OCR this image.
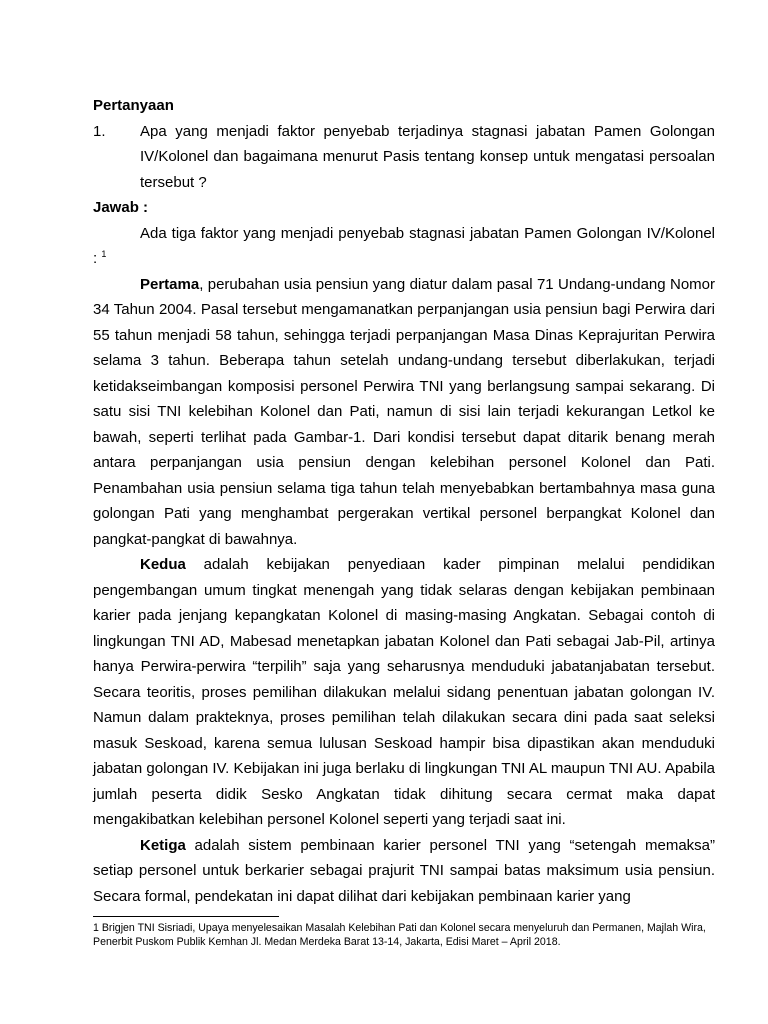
Pertanyaan

1.	Apa yang menjadi faktor penyebab terjadinya stagnasi jabatan Pamen Golongan IV/Kolonel dan bagaimana menurut Pasis tentang konsep untuk mengatasi persoalan tersebut ?

Jawab :

Ada tiga faktor yang menjadi penyebab stagnasi jabatan Pamen Golongan IV/Kolonel : $^1$

Pertama, perubahan usia pensiun yang diatur dalam pasal 71 Undang-undang Nomor 34 Tahun 2004. Pasal tersebut mengamanatkan perpanjangan usia pensiun bagi Perwira dari 55 tahun menjadi 58 tahun, sehingga terjadi perpanjangan Masa Dinas Keprajuritan Perwira selama 3 tahun. Beberapa tahun setelah undang-undang tersebut diberlakukan, terjadi ketidakseimbangan komposisi personel Perwira TNI yang berlangsung sampai sekarang. Di satu sisi TNI kelebihan Kolonel dan Pati, namun di sisi lain terjadi kekurangan Letkol ke bawah, seperti terlihat pada Gambar-1. Dari kondisi tersebut dapat ditarik benang merah antara perpanjangan usia pensiun dengan kelebihan personel Kolonel dan Pati. Penambahan usia pensiun selama tiga tahun telah menyebabkan bertambahnya masa guna golongan Pati yang menghambat pergerakan vertikal personel berpangkat Kolonel dan pangkat-pangkat di bawahnya.

Kedua adalah kebijakan penyediaan kader pimpinan melalui pendidikan pengembangan umum tingkat menengah yang tidak selaras dengan kebijakan pembinaan karier pada jenjang kepangkatan Kolonel di masing-masing Angkatan. Sebagai contoh di lingkungan TNI AD, Mabesad menetapkan jabatan Kolonel dan Pati sebagai Jab-Pil, artinya hanya Perwira-perwira “terpilih” saja yang seharusnya menduduki jabatanjabatan tersebut. Secara teoritis, proses pemilihan dilakukan melalui sidang penentuan jabatan golongan IV. Namun dalam prakteknya, proses pemilihan telah dilakukan secara dini pada saat seleksi masuk Seskoad, karena semua lulusan Seskoad hampir bisa dipastikan akan menduduki jabatan golongan IV. Kebijakan ini juga berlaku di lingkungan TNI AL maupun TNI AU. Apabila jumlah peserta didik Sesko Angkatan tidak dihitung secara cermat maka dapat mengakibatkan kelebihan personel Kolonel seperti yang terjadi saat ini.

Ketiga adalah sistem pembinaan karier personel TNI yang “setengah memaksa” setiap personel untuk berkarier sebagai prajurit TNI sampai batas maksimum usia pensiun. Secara formal, pendekatan ini dapat dilihat dari kebijakan pembinaan karier yang

1 Brigjen TNI Sisriadi, Upaya menyelesaikan Masalah Kelebihan Pati dan Kolonel secara menyeluruh dan Permanen, Majlah Wira, Penerbit Puskom Publik Kemhan Jl. Medan Merdeka Barat 13-14, Jakarta, Edisi Maret – April 2018.
